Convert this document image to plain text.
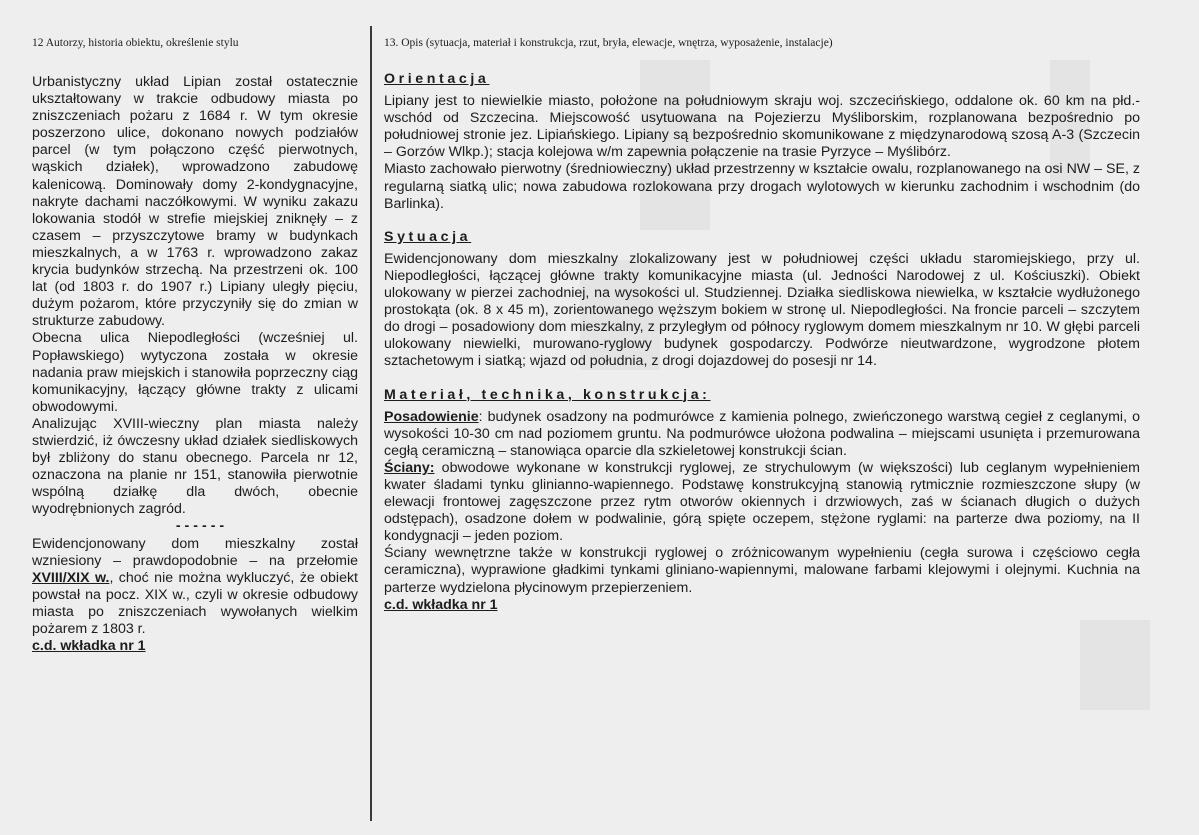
12 Autorzy, historia obiektu, określenie stylu

Urbanistyczny układ Lipian został ostatecznie ukształtowany w trakcie odbudowy miasta po zniszczeniach pożaru z 1684 r. W tym okresie poszerzono ulice, dokonano nowych podziałów parcel (w tym połączono część pierwotnych, wąskich działek), wprowadzono zabudowę kalenicową. Dominowały domy 2-kondygnacyjne, nakryte dachami naczółkowymi. W wyniku zakazu lokowania stodół w strefie miejskiej zniknęły – z czasem – przyszczytowe bramy w budynkach mieszkalnych, a w 1763 r. wprowadzono zakaz krycia budynków strzechą. Na przestrzeni ok. 100 lat (od 1803 r. do 1907 r.) Lipiany uległy pięciu, dużym pożarom, które przyczyniły się do zmian w strukturze zabudowy.

Obecna ulica Niepodległości (wcześniej ul. Popławskiego) wytyczona została w okresie nadania praw miejskich i stanowiła poprzeczny ciąg komunikacyjny, łączący główne trakty z ulicami obwodowymi.

Analizując XVIII-wieczny plan miasta należy stwierdzić, iż ówczesny układ działek siedliskowych był zbliżony do stanu obecnego. Parcela nr 12, oznaczona na planie nr 151, stanowiła pierwotnie wspólną działkę dla dwóch, obecnie wyodrębnionych zagród.

------

Ewidencjonowany dom mieszkalny został wzniesiony – prawdopodobnie – na przełomie XVIII/XIX w., choć nie można wykluczyć, że obiekt powstał na pocz. XIX w., czyli w okresie odbudowy miasta po zniszczeniach wywołanych wielkim pożarem z 1803 r.

c.d. wkładka nr 1

13. Opis (sytuacja, materiał i konstrukcja, rzut, bryła, elewacje, wnętrza, wyposażenie, instalacje)

Orientacja

Lipiany jest to niewielkie miasto, położone na południowym skraju woj. szczecińskiego, oddalone ok. 60 km na płd.-wschód od Szczecina. Miejscowość usytuowana na Pojezierzu Myśliborskim, rozplanowana bezpośrednio po południowej stronie jez. Lipiańskiego. Lipiany są bezpośrednio skomunikowane z międzynarodową szosą A-3 (Szczecin – Gorzów Wlkp.); stacja kolejowa w/m zapewnia połączenie na trasie Pyrzyce – Myślibórz.

Miasto zachowało pierwotny (średniowieczny) układ przestrzenny w kształcie owalu, rozplanowanego na osi NW – SE, z regularną siatką ulic; nowa zabudowa rozlokowana przy drogach wylotowych w kierunku zachodnim i wschodnim (do Barlinka).

Sytuacja

Ewidencjonowany dom mieszkalny zlokalizowany jest w południowej części układu staromiejskiego, przy ul. Niepodległości, łączącej główne trakty komunikacyjne miasta (ul. Jedności Narodowej z ul. Kościuszki). Obiekt ulokowany w pierzei zachodniej, na wysokości ul. Studziennej. Działka siedliskowa niewielka, w kształcie wydłużonego prostokąta (ok. 8 x 45 m), zorientowanego węższym bokiem w stronę ul. Niepodległości. Na froncie parceli – szczytem do drogi – posadowiony dom mieszkalny, z przyległym od północy ryglowym domem mieszkalnym nr 10. W głębi parceli ulokowany niewielki, murowano-ryglowy budynek gospodarczy. Podwórze nieutwardzone, wygrodzone płotem sztachetowym i siatką; wjazd od południa, z drogi dojazdowej do posesji nr 14.

Materiał, technika, konstrukcja:

Posadowienie: budynek osadzony na podmurówce z kamienia polnego, zwieńczonego warstwą cegieł z ceglanymi, o wysokości 10-30 cm nad poziomem gruntu. Na podmurówce ułożona podwalina – miejscami usunięta i przemurowana cegłą ceramiczną – stanowiąca oparcie dla szkieletowej konstrukcji ścian.

Ściany: obwodowe wykonane w konstrukcji ryglowej, ze strychulowym (w większości) lub ceglanym wypełnieniem kwater śladami tynku glinianno-wapiennego. Podstawę konstrukcyjną stanowią rytmicznie rozmieszczone słupy (w elewacji frontowej zagęszczone przez rytm otworów okiennych i drzwiowych, zaś w ścianach długich o dużych odstępach), osadzone dołem w podwalinie, górą spięte oczepem, stężone ryglami: na parterze dwa poziomy, na II kondygnacji – jeden poziom.

Ściany wewnętrzne także w konstrukcji ryglowej o zróżnicowanym wypełnieniu (cegła surowa i częściowo cegła ceramiczna), wyprawione gładkimi tynkami gliniano-wapiennymi, malowane farbami klejowymi i olejnymi. Kuchnia na parterze wydzielona płycinowym przepierzeniem.

c.d. wkładka nr 1
